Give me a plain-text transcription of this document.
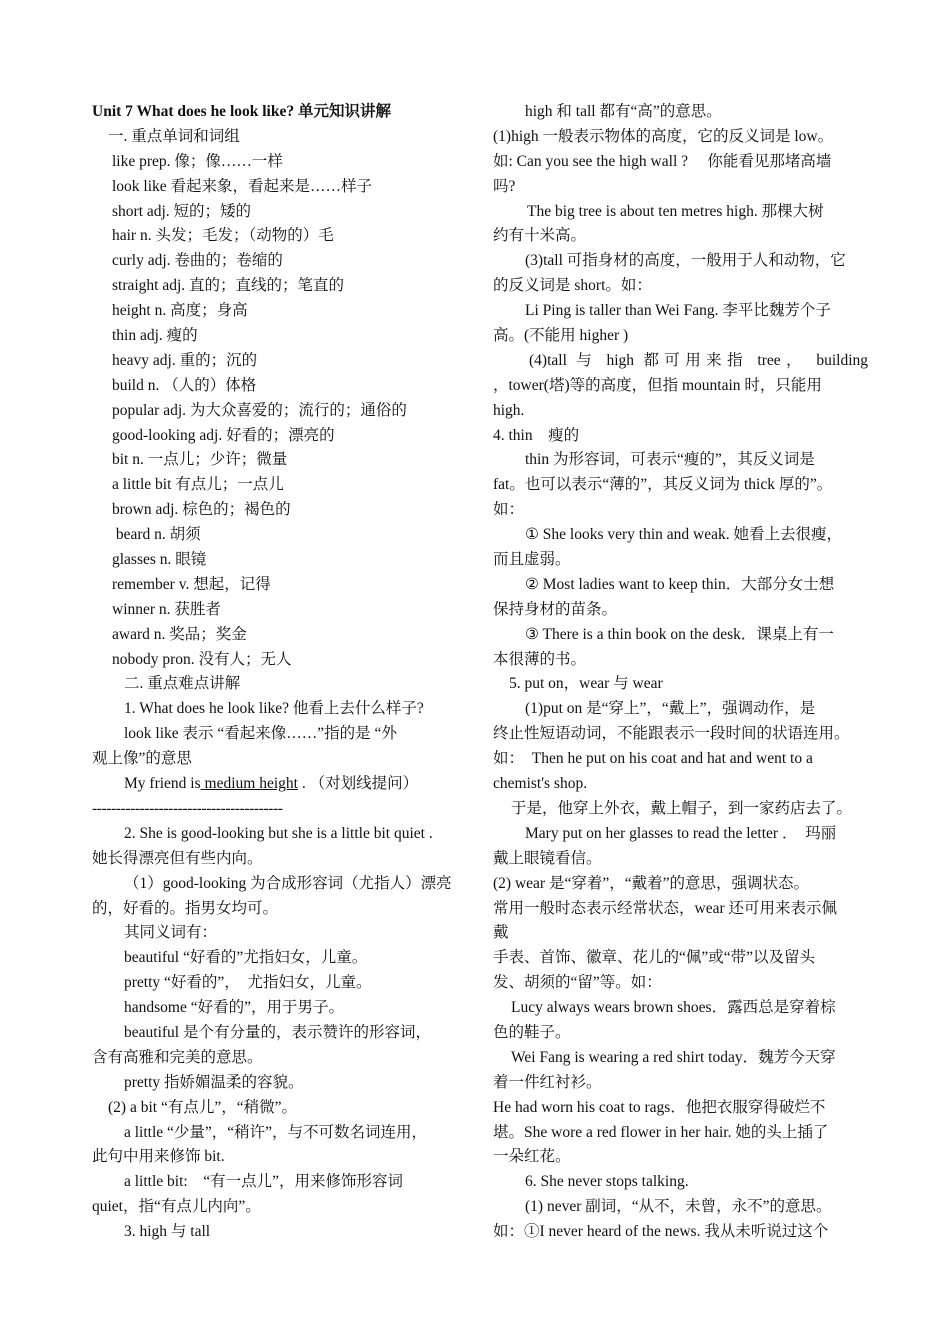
Unit 7 What does he look like? 单元知识讲解
一. 重点单词和词组
like prep. 像；像……一样
look like 看起来象，看起来是……样子
short adj. 短的；矮的
hair n. 头发；毛发；（动物的）毛
curly adj. 卷曲的；卷缩的
straight adj. 直的；直线的；笔直的
height n. 高度；身高
thin adj. 瘦的
heavy adj. 重的；沉的
build n. （人的）体格
popular adj. 为大众喜爱的；流行的；通俗的
good-looking adj. 好看的；漂亮的
bit n. 一点儿；少许；微量
a little bit 有点儿；一点儿
brown adj. 棕色的；褐色的
beard n. 胡须
glasses n. 眼镜
remember v. 想起，记得
winner n. 获胜者
award n. 奖品；奖金
nobody pron. 没有人；无人
二. 重点难点讲解
1. What does he look like? 他看上去什么样子?
look like 表示 “看起来像……”指的是 “外
观上像”的意思
My friend is medium height . （对划线提问）
----------------------------------------
2. She is good-looking but she is a little bit quiet .
她长得漂亮但有些内向。
（1）good-looking 为合成形容词（尤指人）漂亮
的，好看的。指男女均可。
其同义词有：
beautiful “好看的”尤指妇女，儿童。
pretty “好看的”，  尤指妇女，儿童。
handsome “好看的”，用于男子。
beautiful 是个有分量的，表示赞许的形容词，
含有高雅和完美的意思。
pretty 指娇媚温柔的容貌。
(2) a bit “有点儿”，“稍微”。
a little “少量”，“稍许”，与不可数名词连用，
此句中用来修饰 bit.
a little bit:    “有一点儿”，用来修饰形容词
quiet，指“有点儿内向”。
3. high 与 tall
high 和 tall 都有“高”的意思。
(1)high 一般表示物体的高度，它的反义词是 low。
如: Can you see the high wall ?     你能看见那堵高墙
吗?
The big tree is about ten metres high. 那棵大树
约有十米高。
(3)tall 可指身材的高度，一般用于人和动物，它
的反义词是 short。如：
Li Ping is taller than Wei Fang. 李平比魏芳个子
高。(不能用 higher )
(4)tall 与 high 都可用来指 tree， building
，tower(塔)等的高度，但指 mountain 时，只能用
high.
4. thin    瘦的
thin 为形容词，可表示“瘦的”，其反义词是
fat。也可以表示“薄的”，其反义词为 thick 厚的”。
如：
① She looks very thin and weak. 她看上去很瘦，
而且虚弱。
② Most ladies want to keep thin．大部分女士想
保持身材的苗条。
③ There is a thin book on the desk．课桌上有一
本很薄的书。
5. put on，wear 与 wear
(1)put on 是“穿上”，“戴上”，强调动作，是
终止性短语动词，不能跟表示一段时间的状语连用。
如：  Then he put on his coat and hat and went to a
chemist's shop.
于是，他穿上外衣，戴上帽子，到一家药店去了。
Mary put on her glasses to read the letter ．  玛丽
戴上眼镜看信。
(2) wear 是“穿着”，“戴着”的意思，强调状态。
常用一般时态表示经常状态，wear 还可用来表示佩
戴
手表、首饰、徽章、花儿的“佩”或“带”以及留头
发、胡须的“留”等。如：
Lucy always wears brown shoes．露西总是穿着棕
色的鞋子。
Wei Fang is wearing a red shirt today．魏芳今天穿
着一件红衬衫。
He had worn his coat to rags．他把衣服穿得破烂不
堪。She wore a red flower in her hair. 她的头上插了
一朵红花。
6. She never stops talking.
(1) never 副词，“从不，未曾，永不”的意思。
如：①I never heard of the news. 我从未听说过这个
